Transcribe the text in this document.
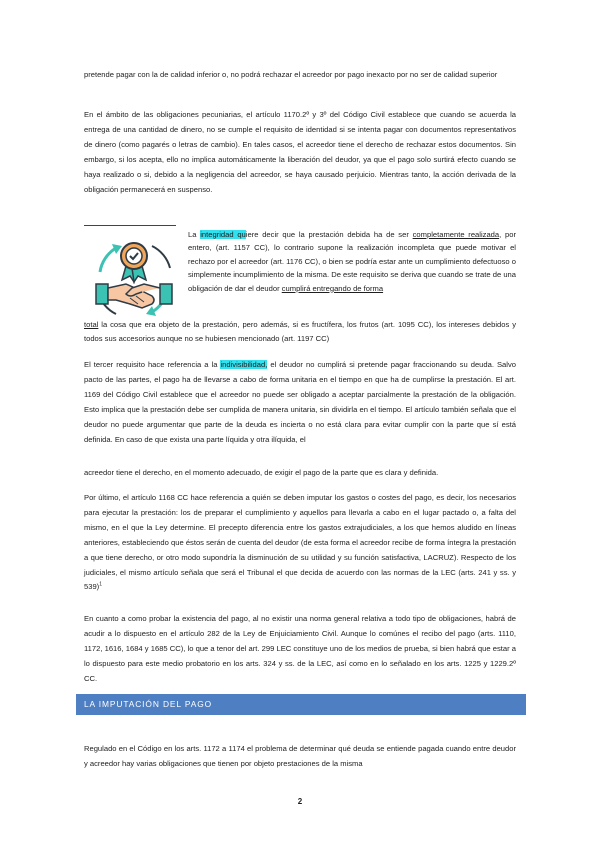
pretende pagar con la de calidad inferior o, no podrá rechazar el acreedor por pago inexacto por no ser de calidad superior

En el ámbito de las obligaciones pecuniarias, el artículo 1170.2º y 3º del Código Civil establece que cuando se acuerda la entrega de una cantidad de dinero, no se cumple el requisito de identidad si se intenta pagar con documentos representativos de dinero (como pagarés o letras de cambio). En tales casos, el acreedor tiene el derecho de rechazar estos documentos. Sin embargo, si los acepta, ello no implica automáticamente la liberación del deudor, ya que el pago solo surtirá efecto cuando se haya realizado o si, debido a la negligencia del acreedor, se haya causado perjuicio. Mientras tanto, la acción derivada de la obligación permanecerá en suspenso.

La integridad quiere decir que la prestación debida ha de ser completamente realizada, por entero, (art. 1157 CC), lo contrario supone la realización incompleta que puede motivar el rechazo por el acreedor (art. 1176 CC), o bien se podría estar ante un cumplimiento defectuoso o simplemente incumplimiento de la misma. De este requisito se deriva que cuando se trate de una obligación de dar el deudor cumplirá entregando de forma

total la cosa que era objeto de la prestación, pero además, si es fructífera, los frutos (art. 1095 CC), los intereses debidos y todos sus accesorios aunque no se hubiesen mencionado (art. 1197 CC)

El tercer requisito hace referencia a la indivisibilidad, el deudor no cumplirá si pretende pagar fraccionando su deuda. Salvo pacto de las partes, el pago ha de llevarse a cabo de forma unitaria en el tiempo en que ha de cumplirse la prestación. El art. 1169 del Código Civil establece que el acreedor no puede ser obligado a aceptar parcialmente la prestación de la obligación. Esto implica que la prestación debe ser cumplida de manera unitaria, sin dividirla en el tiempo. El artículo también señala que el deudor no puede argumentar que parte de la deuda es incierta o no está clara para evitar cumplir con la parte que sí está definida. En caso de que exista una parte líquida y otra ilíquida, el

acreedor tiene el derecho, en el momento adecuado, de exigir el pago de la parte que es clara y definida.

Por último, el artículo 1168 CC hace referencia a quién se deben imputar los gastos o costes del pago, es decir, los necesarios para ejecutar la prestación: los de preparar el cumplimiento y aquellos para llevarla a cabo en el lugar pactado o, a falta del mismo, en el que la Ley determine. El precepto diferencia entre los gastos extrajudiciales, a los que hemos aludido en líneas anteriores, estableciendo que éstos serán de cuenta del deudor (de esta forma el acreedor recibe de forma íntegra la prestación a que tiene derecho, or otro modo supondría la disminución de su utilidad y su función satisfactiva, LACRUZ). Respecto de los judiciales, el mismo artículo señala que será el Tribunal el que decida de acuerdo con las normas de la LEC (arts. 241 y ss. y 539)$^1$

En cuanto a como probar la existencia del pago, al no existir una norma general relativa a todo tipo de obligaciones, habrá de acudir a lo dispuesto en el artículo 282 de la Ley de Enjuiciamiento Civil. Aunque lo comúnes el recibo del pago (arts. 1110, 1172, 1616, 1684 y 1685 CC), lo que a tenor del art. 299 LEC constituye uno de los medios de prueba, si bien habrá que estar a lo dispuesto para este medio probatorio en los arts. 324 y ss. de la LEC, así como en lo señalado en los arts. 1225 y 1229.2º CC.

LA IMPUTACIÓN DEL PAGO

Regulado en el Código en los arts. 1172 a 1174 el problema de determinar qué deuda se entiende pagada cuando entre deudor y acreedor hay varias obligaciones que tienen por objeto prestaciones de la misma

2
